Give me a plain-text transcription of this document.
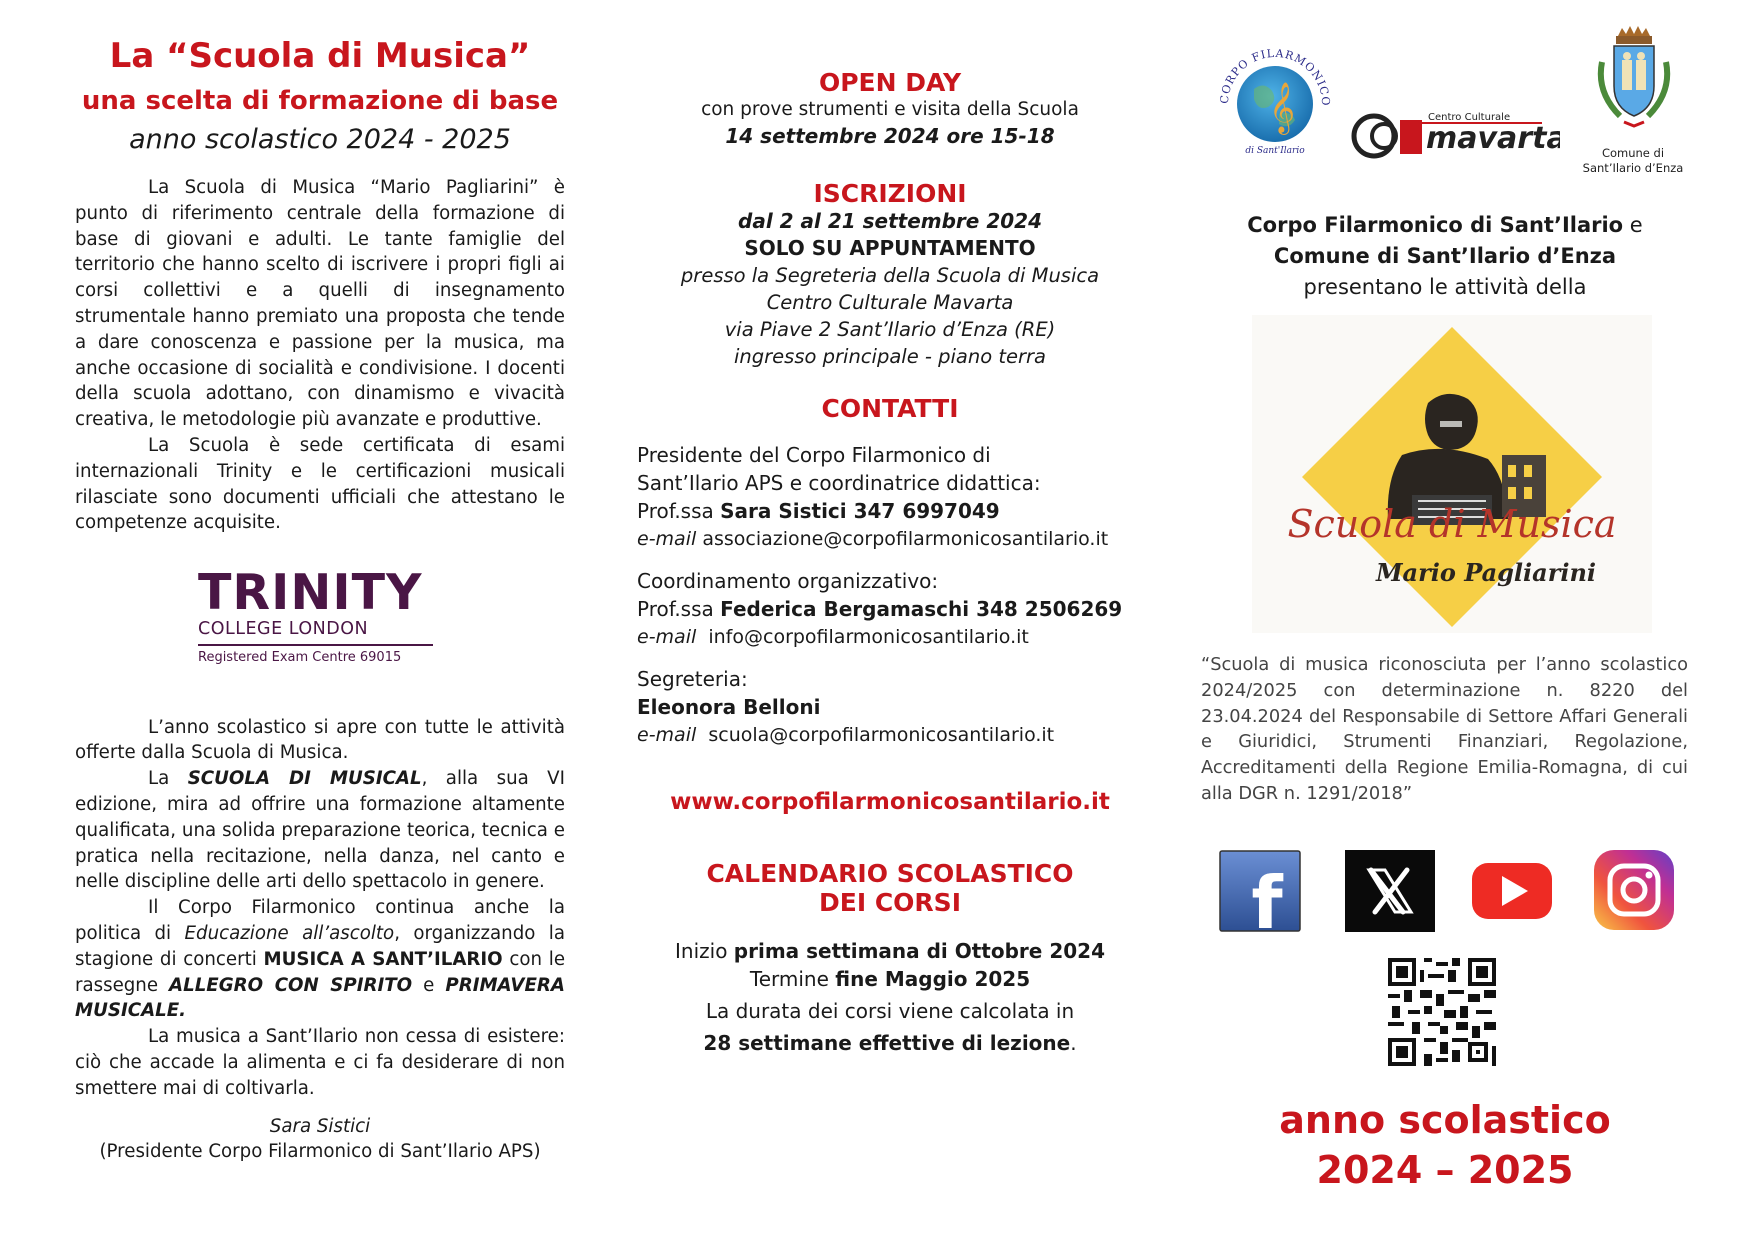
La “Scuola di Musica”
una scelta di formazione di base
anno scolastico 2024 - 2025

La Scuola di Musica “Mario Pagliarini” è punto di riferimento centrale della formazione di base di giovani e adulti. Le tante famiglie del territorio che hanno scelto di iscrivere i propri figli ai corsi collettivi e a quelli di insegnamento strumentale hanno premiato una proposta che tende a dare conoscenza e passione per la musica, ma anche occasione di socialità e condivisione. I docenti della scuola adottano, con dinamismo e vivacità creativa, le metodologie più avanzate e produttive.

La Scuola è sede certificata di esami internazionali Trinity e le certificazioni musicali rilasciate sono documenti ufficiali che attestano le competenze acquisite.

TRINITY
COLLEGE LONDON
Registered Exam Centre 69015

L’anno scolastico si apre con tutte le attività offerte dalla Scuola di Musica.

La SCUOLA DI MUSICAL, alla sua VI edizione, mira ad offrire una formazione altamente qualificata, una solida preparazione teorica, tecnica e pratica nella recitazione, nella danza, nel canto e nelle discipline delle arti dello spettacolo in genere.

Il Corpo Filarmonico continua anche la politica di Educazione all’ascolto, organizzando la stagione di concerti MUSICA A SANT’ILARIO con le rassegne ALLEGRO CON SPIRITO e PRIMAVERA MUSICALE.

La musica a Sant’Ilario non cessa di esistere: ciò che accade la alimenta e ci fa desiderare di non smettere mai di coltivarla.

Sara Sistici
(Presidente Corpo Filarmonico di Sant’Ilario APS)
OPEN DAY
con prove strumenti e visita della Scuola
14 settembre 2024 ore 15-18
ISCRIZIONI
dal 2 al 21 settembre 2024
SOLO SU APPUNTAMENTO
presso la Segreteria della Scuola di Musica
Centro Culturale Mavarta
via Piave 2 Sant’Ilario d’Enza (RE)
ingresso principale - piano terra
CONTATTI
Presidente del Corpo Filarmonico di
Sant’Ilario APS e coordinatrice didattica:
Prof.ssa Sara Sistici 347 6997049
e-mail associazione@corpofilarmonicosantilario.it
Coordinamento organizzativo:
Prof.ssa Federica Bergamaschi 348 2506269
e-mail info@corpofilarmonicosantilario.it
Segreteria:
Eleonora Belloni
e-mail scuola@corpofilarmonicosantilario.it
www.corpofilarmonicosantilario.it
CALENDARIO SCOLASTICO
DEI CORSI
Inizio prima settimana di Ottobre 2024
Termine fine Maggio 2025
La durata dei corsi viene calcolata in
28 settimane effettive di lezione.
𝄞
CORPO FILARMONICO
di Sant'Ilario
Centro Culturale
mavarta	Comune di
Sant’Ilario d’Enza
Corpo Filarmonico di Sant’Ilario e
Comune di Sant’Ilario d’Enza
presentano le attività della
Scuola di Musica
Mario Pagliarini
“Scuola di musica riconosciuta per l’anno scolastico 2024/2025 con determinazione n. 8220 del 23.04.2024 del Responsabile di Settore Affari Generali e Giuridici, Strumenti Finanziari, Regolazione, Accreditamenti della Regione Emilia-Romagna, di cui alla DGR n. 1291/2018”
f
anno scolastico
2024 – 2025
